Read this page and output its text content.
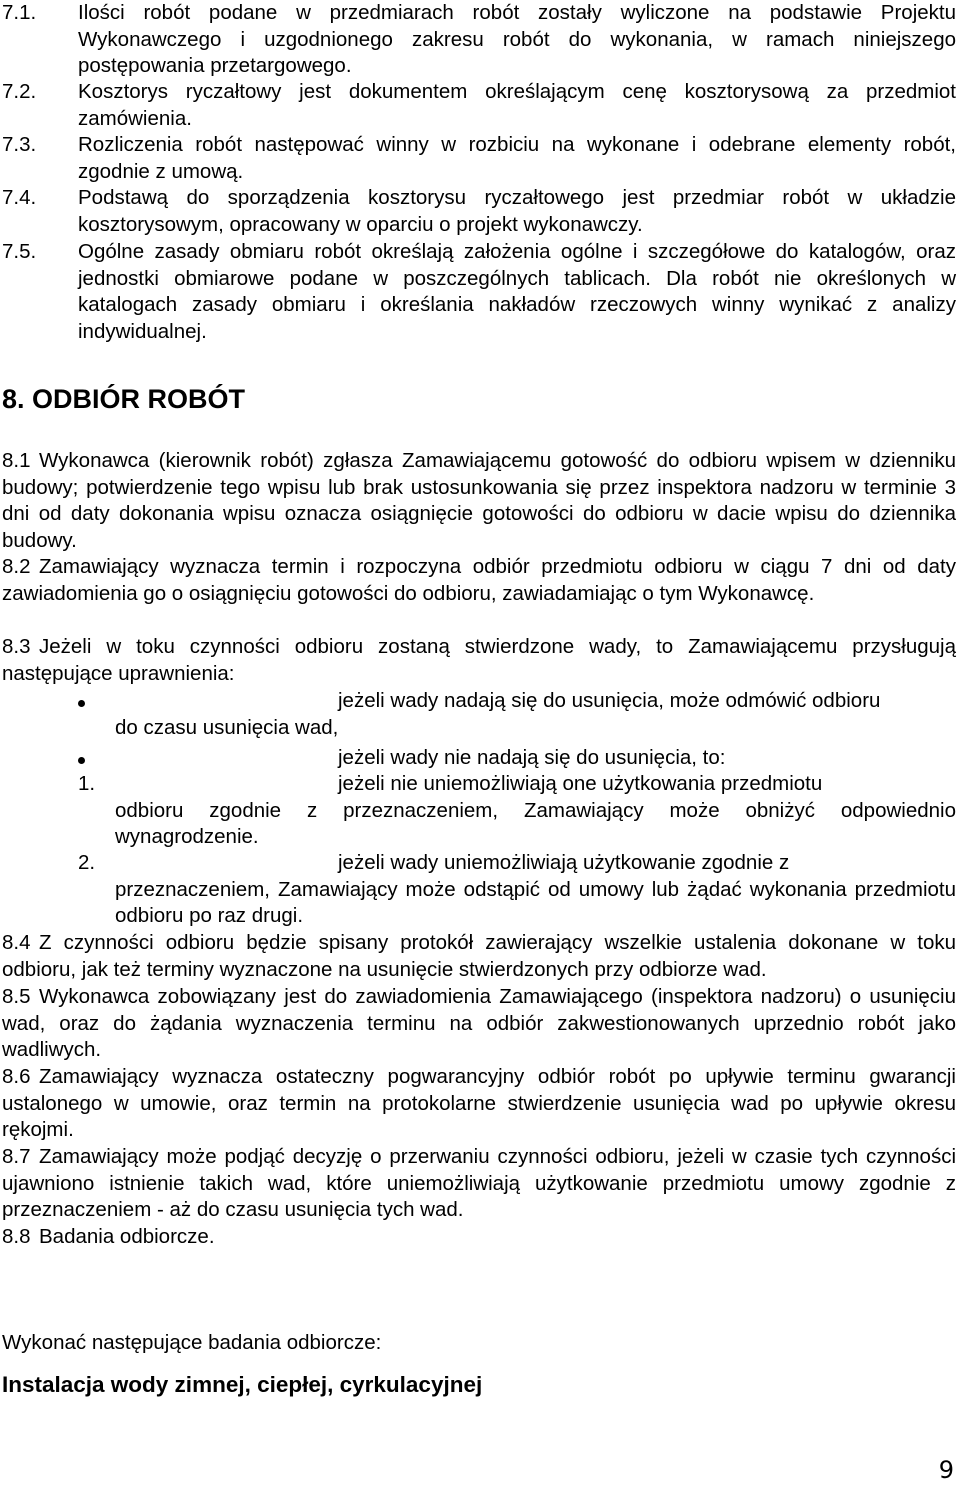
7.1. Ilości robót podane w przedmiarach robót zostały wyliczone na podstawie Projektu Wykonawczego i uzgodnionego zakresu robót do wykonania, w ramach niniejszego postępowania przetargowego.
7.2. Kosztorys ryczałtowy jest dokumentem określającym cenę kosztorysową za przedmiot zamówienia.
7.3. Rozliczenia robót następować winny w rozbiciu na wykonane i odebrane elementy robót, zgodnie z umową.
7.4. Podstawą do sporządzenia kosztorysu ryczałtowego jest przedmiar robót w układzie kosztorysowym, opracowany w oparciu o projekt wykonawczy.
7.5. Ogólne zasady obmiaru robót określają założenia ogólne i szczegółowe do katalogów, oraz jednostki obmiarowe podane w poszczególnych tablicach. Dla robót nie określonych w katalogach zasady obmiaru i określania nakładów rzeczowych winny wynikać z analizy indywidualnej.
8. ODBIÓR ROBÓT
8.1 Wykonawca (kierownik robót) zgłasza Zamawiającemu gotowość do odbioru wpisem w dzienniku budowy; potwierdzenie tego wpisu lub brak ustosunkowania się przez inspektora nadzoru w terminie 3 dni od daty dokonania wpisu oznacza osiągnięcie gotowości do odbioru w dacie wpisu do dziennika budowy.
8.2 Zamawiający wyznacza termin i rozpoczyna odbiór przedmiotu odbioru w ciągu 7 dni od daty zawiadomienia go o osiągnięciu gotowości do odbioru, zawiadamiając o tym Wykonawcę.
8.3 Jeżeli w toku czynności odbioru zostaną stwierdzone wady, to Zamawiającemu przysługują następujące uprawnienia:
jeżeli wady nadają się do usunięcia, może odmówić odbioru
do czasu usunięcia wad,
jeżeli wady nie nadają się do usunięcia, to:
1.	jeżeli nie uniemożliwiają one użytkowania przedmiotu
odbioru zgodnie z przeznaczeniem, Zamawiający może obniżyć odpowiednio wynagrodzenie.
2.	jeżeli wady uniemożliwiają użytkowanie zgodnie z
przeznaczeniem, Zamawiający może odstąpić od umowy lub żądać wykonania przedmiotu odbioru po raz drugi.
8.4 Z czynności odbioru będzie spisany protokół zawierający wszelkie ustalenia dokonane w toku odbioru, jak też terminy wyznaczone na usunięcie stwierdzonych przy odbiorze wad.
8.5 Wykonawca zobowiązany jest do zawiadomienia Zamawiającego (inspektora nadzoru) o usunięciu wad, oraz do żądania wyznaczenia terminu na odbiór zakwestionowanych uprzednio robót jako wadliwych.
8.6 Zamawiający wyznacza ostateczny pogwarancyjny odbiór robót po upływie terminu gwarancji ustalonego w umowie, oraz termin na protokolarne stwierdzenie usunięcia wad po upływie okresu rękojmi.
8.7 Zamawiający może podjąć decyzję o przerwaniu czynności odbioru, jeżeli w czasie tych czynności ujawniono istnienie takich wad, które uniemożliwiają użytkowanie przedmiotu umowy zgodnie z przeznaczeniem - aż do czasu usunięcia tych wad.
8.8 Badania odbiorcze.
Wykonać następujące badania odbiorcze:
Instalacja wody zimnej, ciepłej, cyrkulacyjnej
9
